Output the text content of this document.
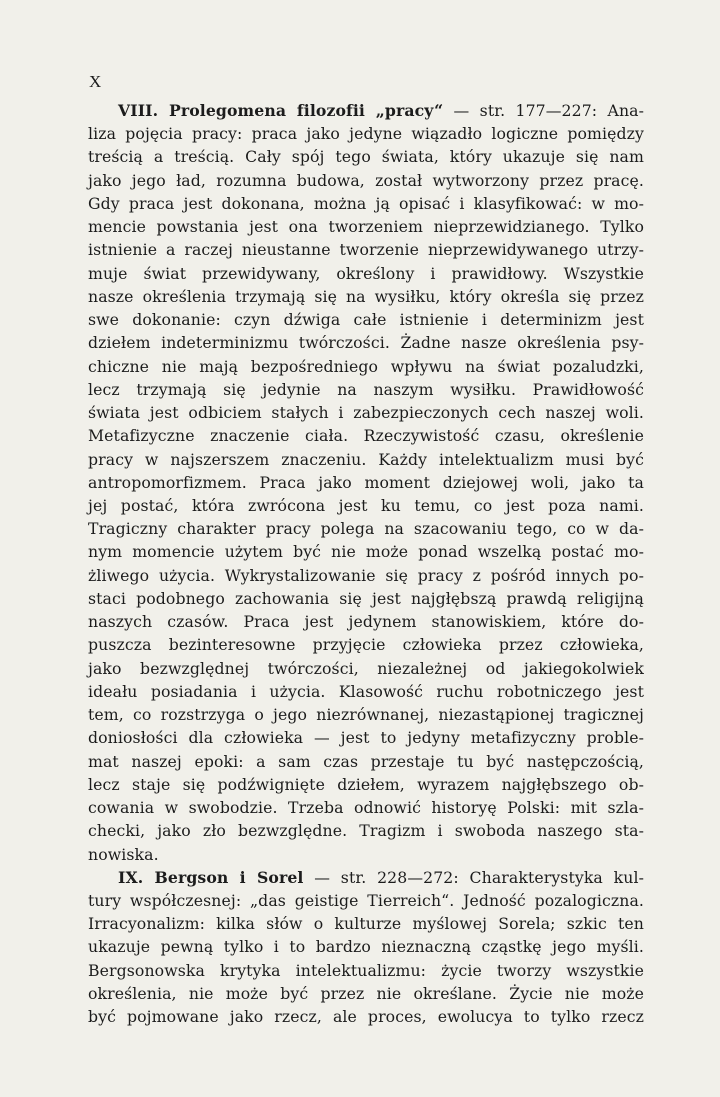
X
VIII. Prolegomena filozofii „pracy“ — str. 177—227: Ana-
liza pojęcia pracy: praca jako jedyne wiązadło logiczne pomiędzy
treścią a treścią. Cały spój tego świata, który ukazuje się nam
jako jego ład, rozumna budowa, został wytworzony przez pracę.
Gdy praca jest dokonana, można ją opisać i klasyfikować: w mo-
mencie powstania jest ona tworzeniem nieprzewidzianego. Tylko
istnienie a raczej nieustanne tworzenie nieprzewidywanego utrzy-
muje świat przewidywany, określony i prawidłowy. Wszystkie
nasze określenia trzymają się na wysiłku, który określa się przez
swe dokonanie: czyn dźwiga całe istnienie i determinizm jest
dziełem indeterminizmu twórczości. Żadne nasze określenia psy-
chiczne nie mają bezpośredniego wpływu na świat pozaludzki,
lecz trzymają się jedynie na naszym wysiłku. Prawidłowość
świata jest odbiciem stałych i zabezpieczonych cech naszej woli.
Metafizyczne znaczenie ciała. Rzeczywistość czasu, określenie
pracy w najszerszem znaczeniu. Każdy intelektualizm musi być
antropomorfizmem. Praca jako moment dziejowej woli, jako ta
jej postać, która zwrócona jest ku temu, co jest poza nami.
Tragiczny charakter pracy polega na szacowaniu tego, co w da-
nym momencie użytem być nie może ponad wszelką postać mo-
żliwego użycia. Wykrystalizowanie się pracy z pośród innych po-
staci podobnego zachowania się jest najgłębszą prawdą religijną
naszych czasów. Praca jest jedynem stanowiskiem, które do-
puszcza bezinteresowne przyjęcie człowieka przez człowieka,
jako bezwzględnej twórczości, niezależnej od jakiegokolwiek
ideału posiadania i użycia. Klasowość ruchu robotniczego jest
tem, co rozstrzyga o jego niezrównanej, niezastąpionej tragicznej
doniosłości dla człowieka — jest to jedyny metafizyczny proble-
mat naszej epoki: a sam czas przestaje tu być następczością,
lecz staje się podźwignięte dziełem, wyrazem najgłębszego ob-
cowania w swobodzie. Trzeba odnowić historyę Polski: mit szla-
checki, jako zło bezwzględne. Tragizm i swoboda naszego sta-
nowiska.
IX. Bergson i Sorel — str. 228—272: Charakterystyka kul-
tury współczesnej: „das geistige Tierreich“. Jedność pozalogiczna.
Irracyonalizm: kilka słów o kulturze myślowej Sorela; szkic ten
ukazuje pewną tylko i to bardzo nieznaczną cząstkę jego myśli.
Bergsonowska krytyka intelektualizmu: życie tworzy wszystkie
określenia, nie może być przez nie określane. Życie nie może
być pojmowane jako rzecz, ale proces, ewolucya to tylko rzecz
